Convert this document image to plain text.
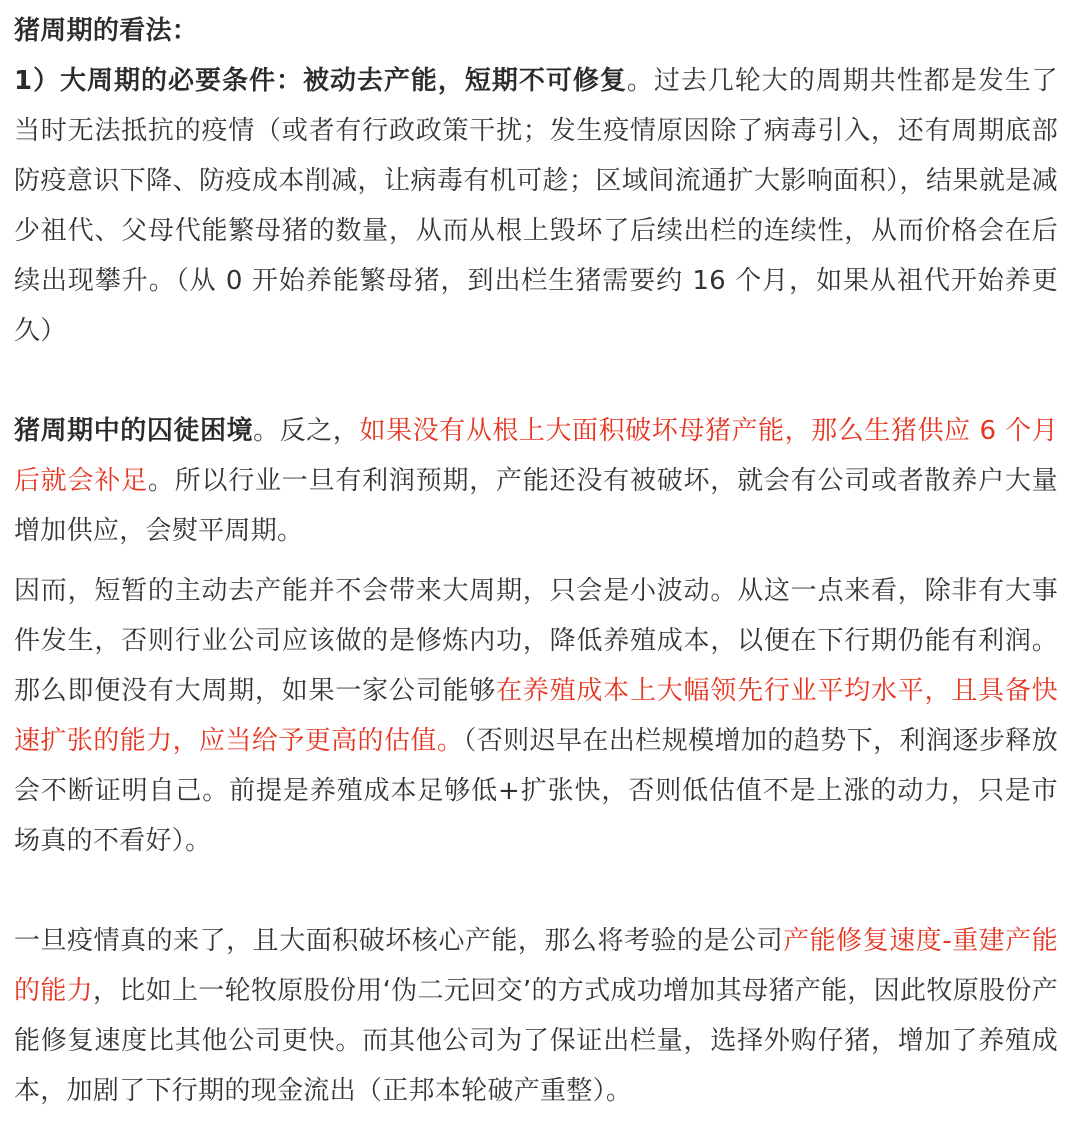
猪周期的看法：

1）大周期的必要条件：被动去产能，短期不可修复。过去几轮大的周期共性都是发生了当时无法抵抗的疫情（或者有行政政策干扰；发生疫情原因除了病毒引入，还有周期底部防疫意识下降、防疫成本削减，让病毒有机可趁；区域间流通扩大影响面积），结果就是减少祖代、父母代能繁母猪的数量，从而从根上毁坏了后续出栏的连续性，从而价格会在后续出现攀升。（从 0 开始养能繁母猪，到出栏生猪需要约 16 个月，如果从祖代开始养更久）

猪周期中的囚徒困境。反之，如果没有从根上大面积破坏母猪产能，那么生猪供应 6 个月后就会补足。所以行业一旦有利润预期，产能还没有被破坏，就会有公司或者散养户大量增加供应，会熨平周期。

因而，短暂的主动去产能并不会带来大周期，只会是小波动。从这一点来看，除非有大事件发生，否则行业公司应该做的是修炼内功，降低养殖成本，以便在下行期仍能有利润。那么即便没有大周期，如果一家公司能够在养殖成本上大幅领先行业平均水平，且具备快速扩张的能力，应当给予更高的估值。（否则迟早在出栏规模增加的趋势下，利润逐步释放会不断证明自己。前提是养殖成本足够低+扩张快，否则低估值不是上涨的动力，只是市场真的不看好）。

一旦疫情真的来了，且大面积破坏核心产能，那么将考验的是公司产能修复速度-重建产能的能力，比如上一轮牧原股份用‘伪二元回交’的方式成功增加其母猪产能，因此牧原股份产能修复速度比其他公司更快。而其他公司为了保证出栏量，选择外购仔猪，增加了养殖成本，加剧了下行期的现金流出（正邦本轮破产重整）。
